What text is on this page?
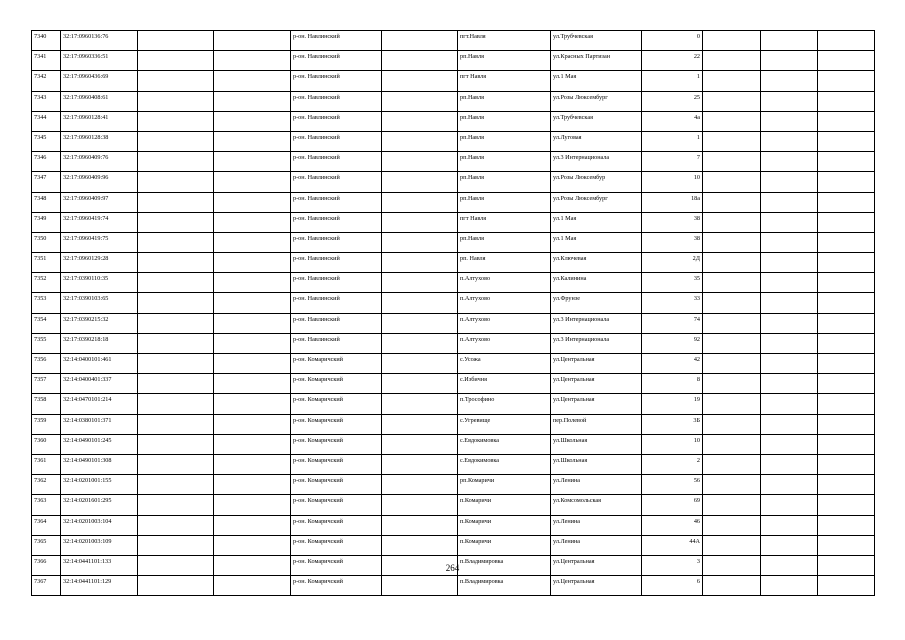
7340	32:17:0960136:76			р-он. Навлинский		пгт.Навля	ул.Трубчевская	0			
7341	32:17:0960336:51			р-он. Навлинский		рп.Навля	ул.Красных Партизан	22			
7342	32:17:0960436:69			р-он. Навлинский		пгт Навля	ул.1 Мая	1			
7343	32:17:0960408:61			р-он. Навлинский		рп.Навля	ул.Розы Люксембург	25			
7344	32:17:0960128:41			р-он. Навлинский		рп.Навля	ул.Трубчевская	4а			
7345	32:17:0960128:38			р-он. Навлинский		рп.Навля	ул.Луговая	1			
7346	32:17:0960409:76			р-он. Навлинский		рп.Навля	ул.3 Интернационала	7			
7347	32:17:0960409:96			р-он. Навлинский		рп.Навля	ул.Розы Люксембур	10			
7348	32:17:0960409:97			р-он. Навлинский		рп.Навля	ул.Розы Люксембург	18а			
7349	32:17:0960419:74			р-он. Навлинский		пгт Навля	ул.1 Мая	38			
7350	32:17:0960419:75			р-он. Навлинский		рп.Навля	ул.1 Мая	38			
7351	32:17:0960129:28			р-он. Навлинский		рп. Навля	ул.Ключевая	2Д			
7352	32:17:0390110:35			р-он. Навлинский		п.Алтухово	ул.Калинина	35			
7353	32:17:0390103:65			р-он. Навлинский		п.Алтухово	ул.Фрунзе	33			
7354	32:17:0390215:32			р-он. Навлинский		п.Алтухово	ул.3 Интернационала	74			
7355	32:17:0390218:18			р-он. Навлинский		п.Алтухово	ул.3 Интернационала	92			
7356	32:14:0400101:461			р-он. Комаричский		с.Усожа	ул.Центральная	42			
7357	32:14:0400401:337			р-он. Комаричский		с.Избичня	ул.Центральная	8			
7358	32:14:0470101:214			р-он. Комаричский		п.Трософино	ул.Центральная	19			
7359	32:14:0380101:371			р-он. Комаричский		с.Угревище	пер.Полевой	3Б			
7360	32:14:0490101:245			р-он. Комаричский		с.Евдокимовка	ул.Школьная	10			
7361	32:14:0490101:308			р-он. Комаричский		с.Евдокимовка	ул.Школьная	2			
7362	32:14:0201001:155			р-он. Комаричский		рп.Комаричи	ул.Ленина	56			
7363	32:14:0201601:295			р-он. Комаричский		п.Комаричи	ул.Комсомольская	69			
7364	32:14:0201003:104			р-он. Комаричский		п.Комаричи	ул.Ленина	46			
7365	32:14:0201003:109			р-он. Комаричский		п.Комаричи	ул.Ленина	44А			
7366	32:14:0441101:133			р-он. Комаричский		п.Владимировка	ул.Центральная	3			
7367	32:14:0441101:129			р-он. Комаричский		п.Владимировка	ул.Центральная	6			
264
